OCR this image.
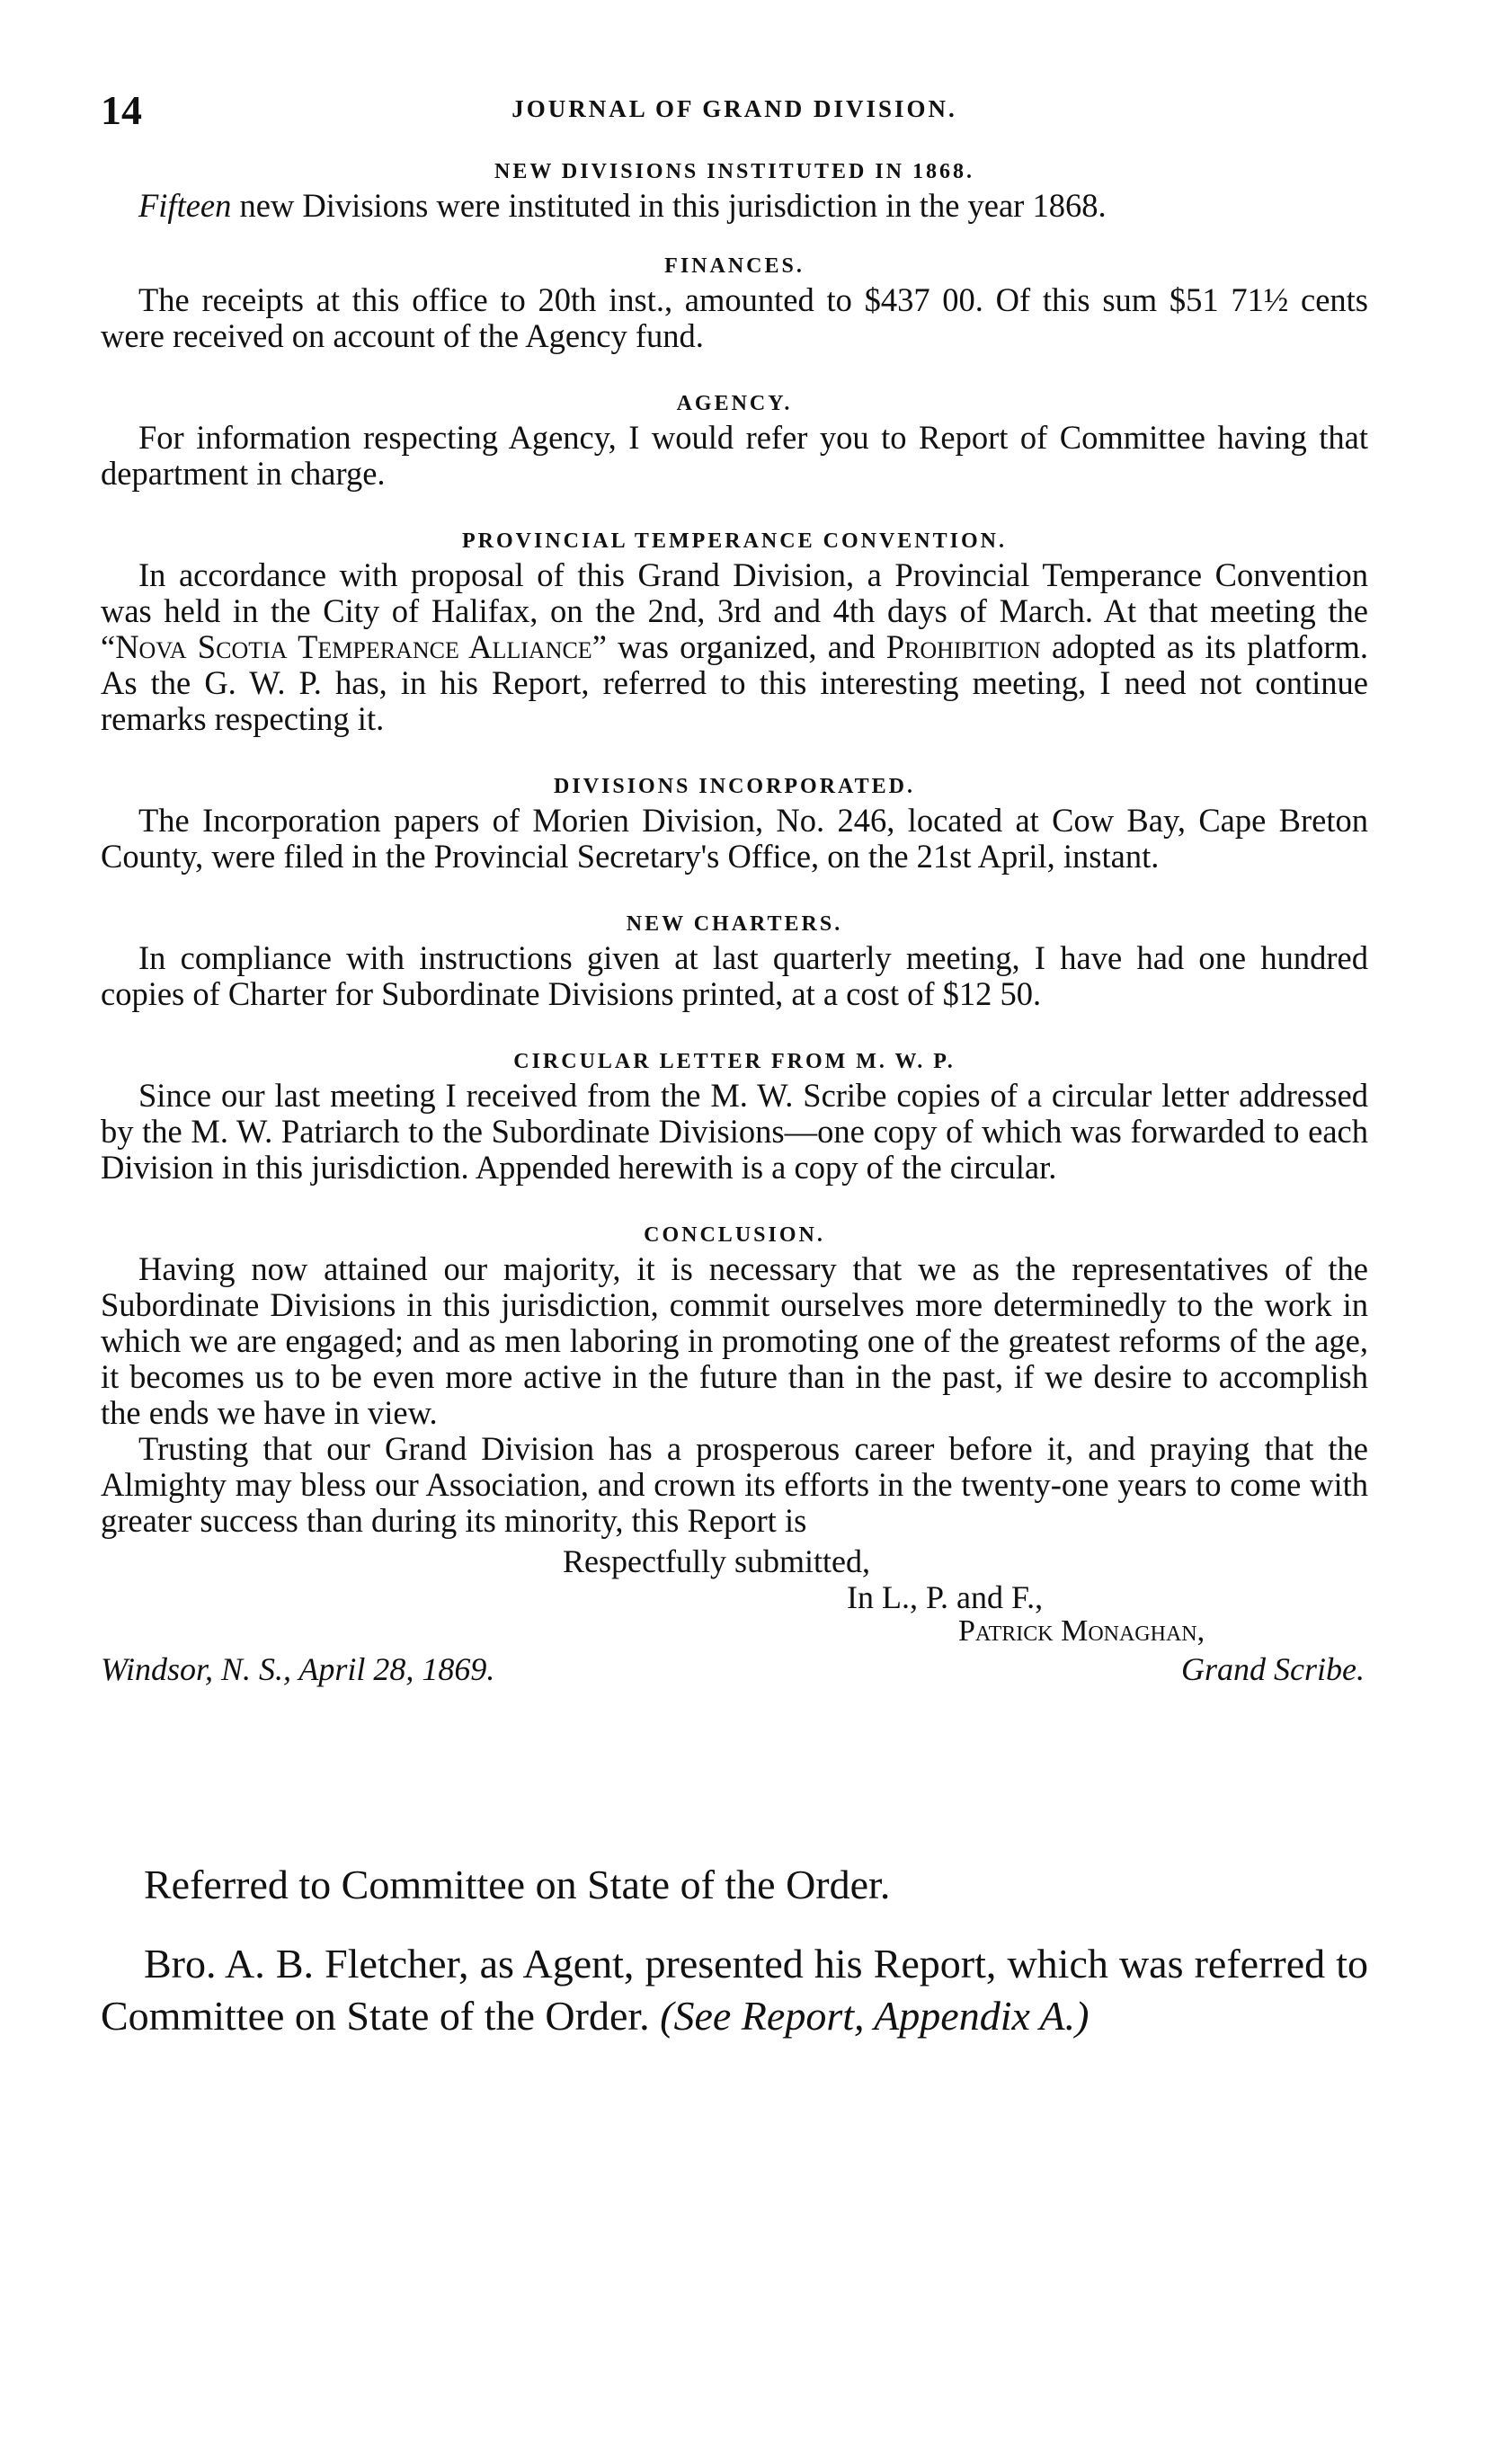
14	JOURNAL OF GRAND DIVISION.
NEW DIVISIONS INSTITUTED IN 1868.

Fifteen new Divisions were instituted in this jurisdiction in the year 1868.

FINANCES.

The receipts at this office to 20th inst., amounted to $437 00. Of this sum $51 71½ cents were received on account of the Agency fund.

AGENCY.

For information respecting Agency, I would refer you to Report of Committee having that department in charge.

PROVINCIAL TEMPERANCE CONVENTION.

In accordance with proposal of this Grand Division, a Provincial Temperance Convention was held in the City of Halifax, on the 2nd, 3rd and 4th days of March. At that meeting the “Nova Scotia Temperance Alliance” was organized, and Prohibition adopted as its platform. As the G. W. P. has, in his Report, referred to this interesting meeting, I need not continue remarks respecting it.

DIVISIONS INCORPORATED.

The Incorporation papers of Morien Division, No. 246, located at Cow Bay, Cape Breton County, were filed in the Provincial Secretary's Office, on the 21st April, instant.

NEW CHARTERS.

In compliance with instructions given at last quarterly meeting, I have had one hundred copies of Charter for Subordinate Divisions printed, at a cost of $12 50.

CIRCULAR LETTER FROM M. W. P.

Since our last meeting I received from the M. W. Scribe copies of a circular letter addressed by the M. W. Patriarch to the Subordinate Divisions—one copy of which was forwarded to each Division in this jurisdiction. Appended herewith is a copy of the circular.

CONCLUSION.

Having now attained our majority, it is necessary that we as the representatives of the Subordinate Divisions in this jurisdiction, commit ourselves more determinedly to the work in which we are engaged; and as men laboring in promoting one of the greatest reforms of the age, it becomes us to be even more active in the future than in the past, if we desire to accomplish the ends we have in view.

Trusting that our Grand Division has a prosperous career before it, and praying that the Almighty may bless our Association, and crown its efforts in the twenty-one years to come with greater success than during its minority, this Report is

Respectfully submitted,
In L., P. and F.,
Patrick Monaghan,
Windsor, N. S., April 28, 1869.	Grand Scribe.

Referred to Committee on State of the Order.

Bro. A. B. Fletcher, as Agent, presented his Report, which was referred to Committee on State of the Order. (See Report, Appendix A.)
